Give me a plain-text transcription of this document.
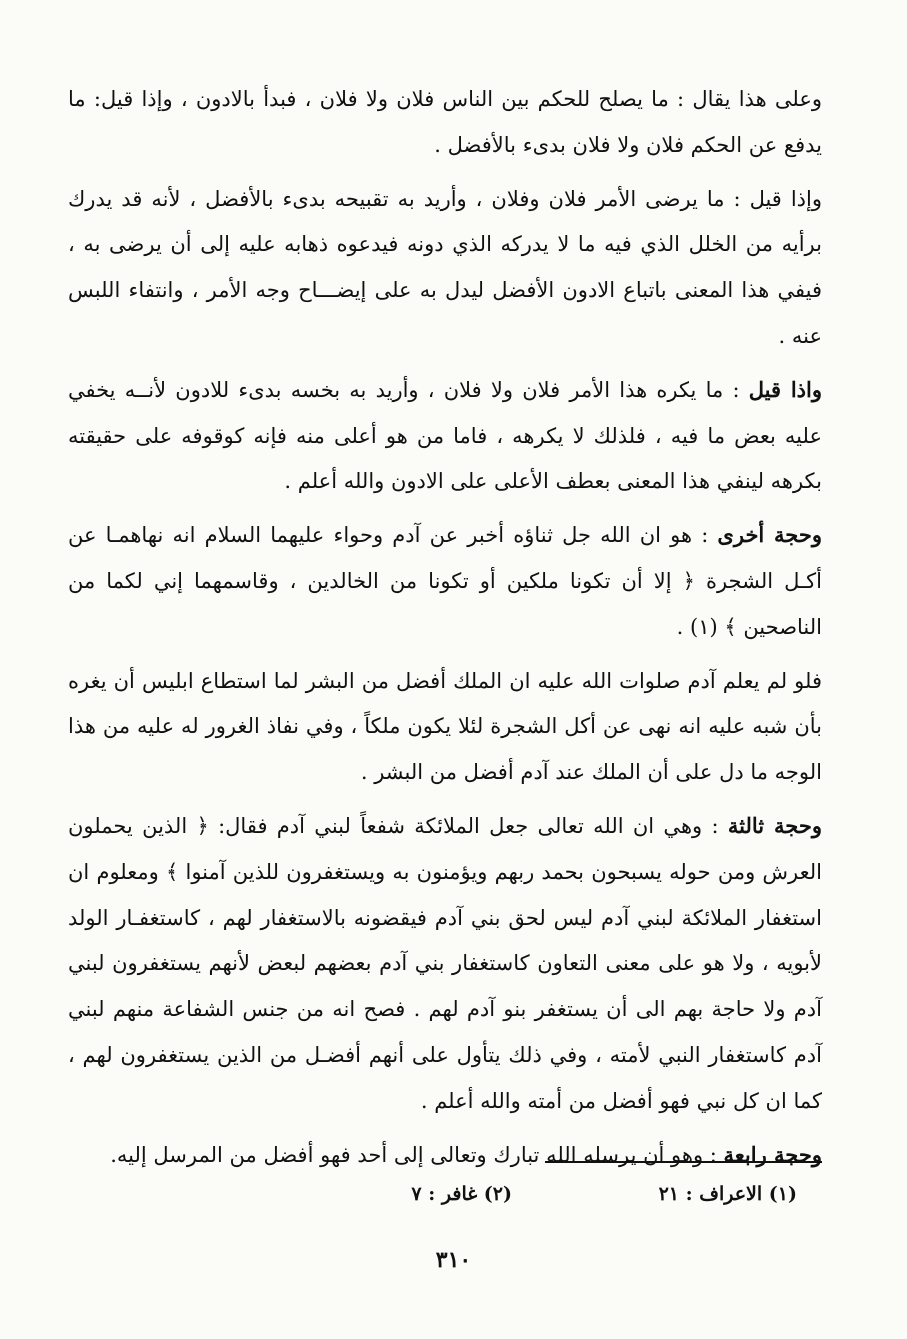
وعلى هذا يقال : ما يصلح للحكم بين الناس فلان ولا فلان ، فبدأ بالادون ، وإذا قيل: ما يدفع عن الحكم فلان ولا فلان بدىء بالأفضل .

وإذا قيل : ما يرضى الأمر فلان وفلان ، وأريد به تقبيحه بدىء بالأفضل ، لأنه قد يدرك برأيه من الخلل الذي فيه ما لا يدركه الذي دونه فيدعوه ذهابه عليه إلى أن يرضى به ، فيفي هذا المعنى باتباع الادون الأفضل ليدل به على إيضـــاح وجه الأمر ، وانتفاء اللبس عنه .

واذا قيل : ما يكره هذا الأمر فلان ولا فلان ، وأريد به بخسه بدىء للادون لأنــه يخفي عليه بعض ما فيه ، فلذلك لا يكرهه ، فاما من هو أعلى منه فإنه كوقوفه على حقيقته بكرهه لينفي هذا المعنى بعطف الأعلى على الادون والله أعلم .

وحجة أخرى : هو ان الله جل ثناؤه أخبر عن آدم وحواء عليهما السلام انه نهاهمـا عن أكـل الشجرة ﴿ إلا أن تكونا ملكين أو تكونا من الخالدين ، وقاسمهما إني لكما من الناصحين ﴾ (١) .

فلو لم يعلم آدم صلوات الله عليه ان الملك أفضل من البشر لما استطاع ابليس أن يغره بأن شبه عليه انه نهى عن أكل الشجرة لئلا يكون ملكاً ، وفي نفاذ الغرور له عليه من هذا الوجه ما دل على أن الملك عند آدم أفضل من البشر .

وحجة ثالثة : وهي ان الله تعالى جعل الملائكة شفعاً لبني آدم فقال: ﴿ الذين يحملون العرش ومن حوله يسبحون بحمد ربهم ويؤمنون به ويستغفرون للذين آمنوا ﴾ ومعلوم ان استغفار الملائكة لبني آدم ليس لحق بني آدم فيقضونه بالاستغفار لهم ، كاستغفـار الولد لأبويه ، ولا هو على معنى التعاون كاستغفار بني آدم بعضهم لبعض لأنهم يستغفرون لبني آدم ولا حاجة بهم الى أن يستغفر بنو آدم لهم . فصح انه من جنس الشفاعة منهم لبني آدم كاستغفار النبي لأمته ، وفي ذلك يتأول على أنهم أفضـل من الذين يستغفرون لهم ، كما ان كل نبي فهو أفضل من أمته والله أعلم .

وحجة رابعة : وهو أن يرسله الله تبارك وتعالى إلى أحد فهو أفضل من المرسل إليه.

(١) الاعراف : ٢١
(٢) غافر : ٧
٣١٠
